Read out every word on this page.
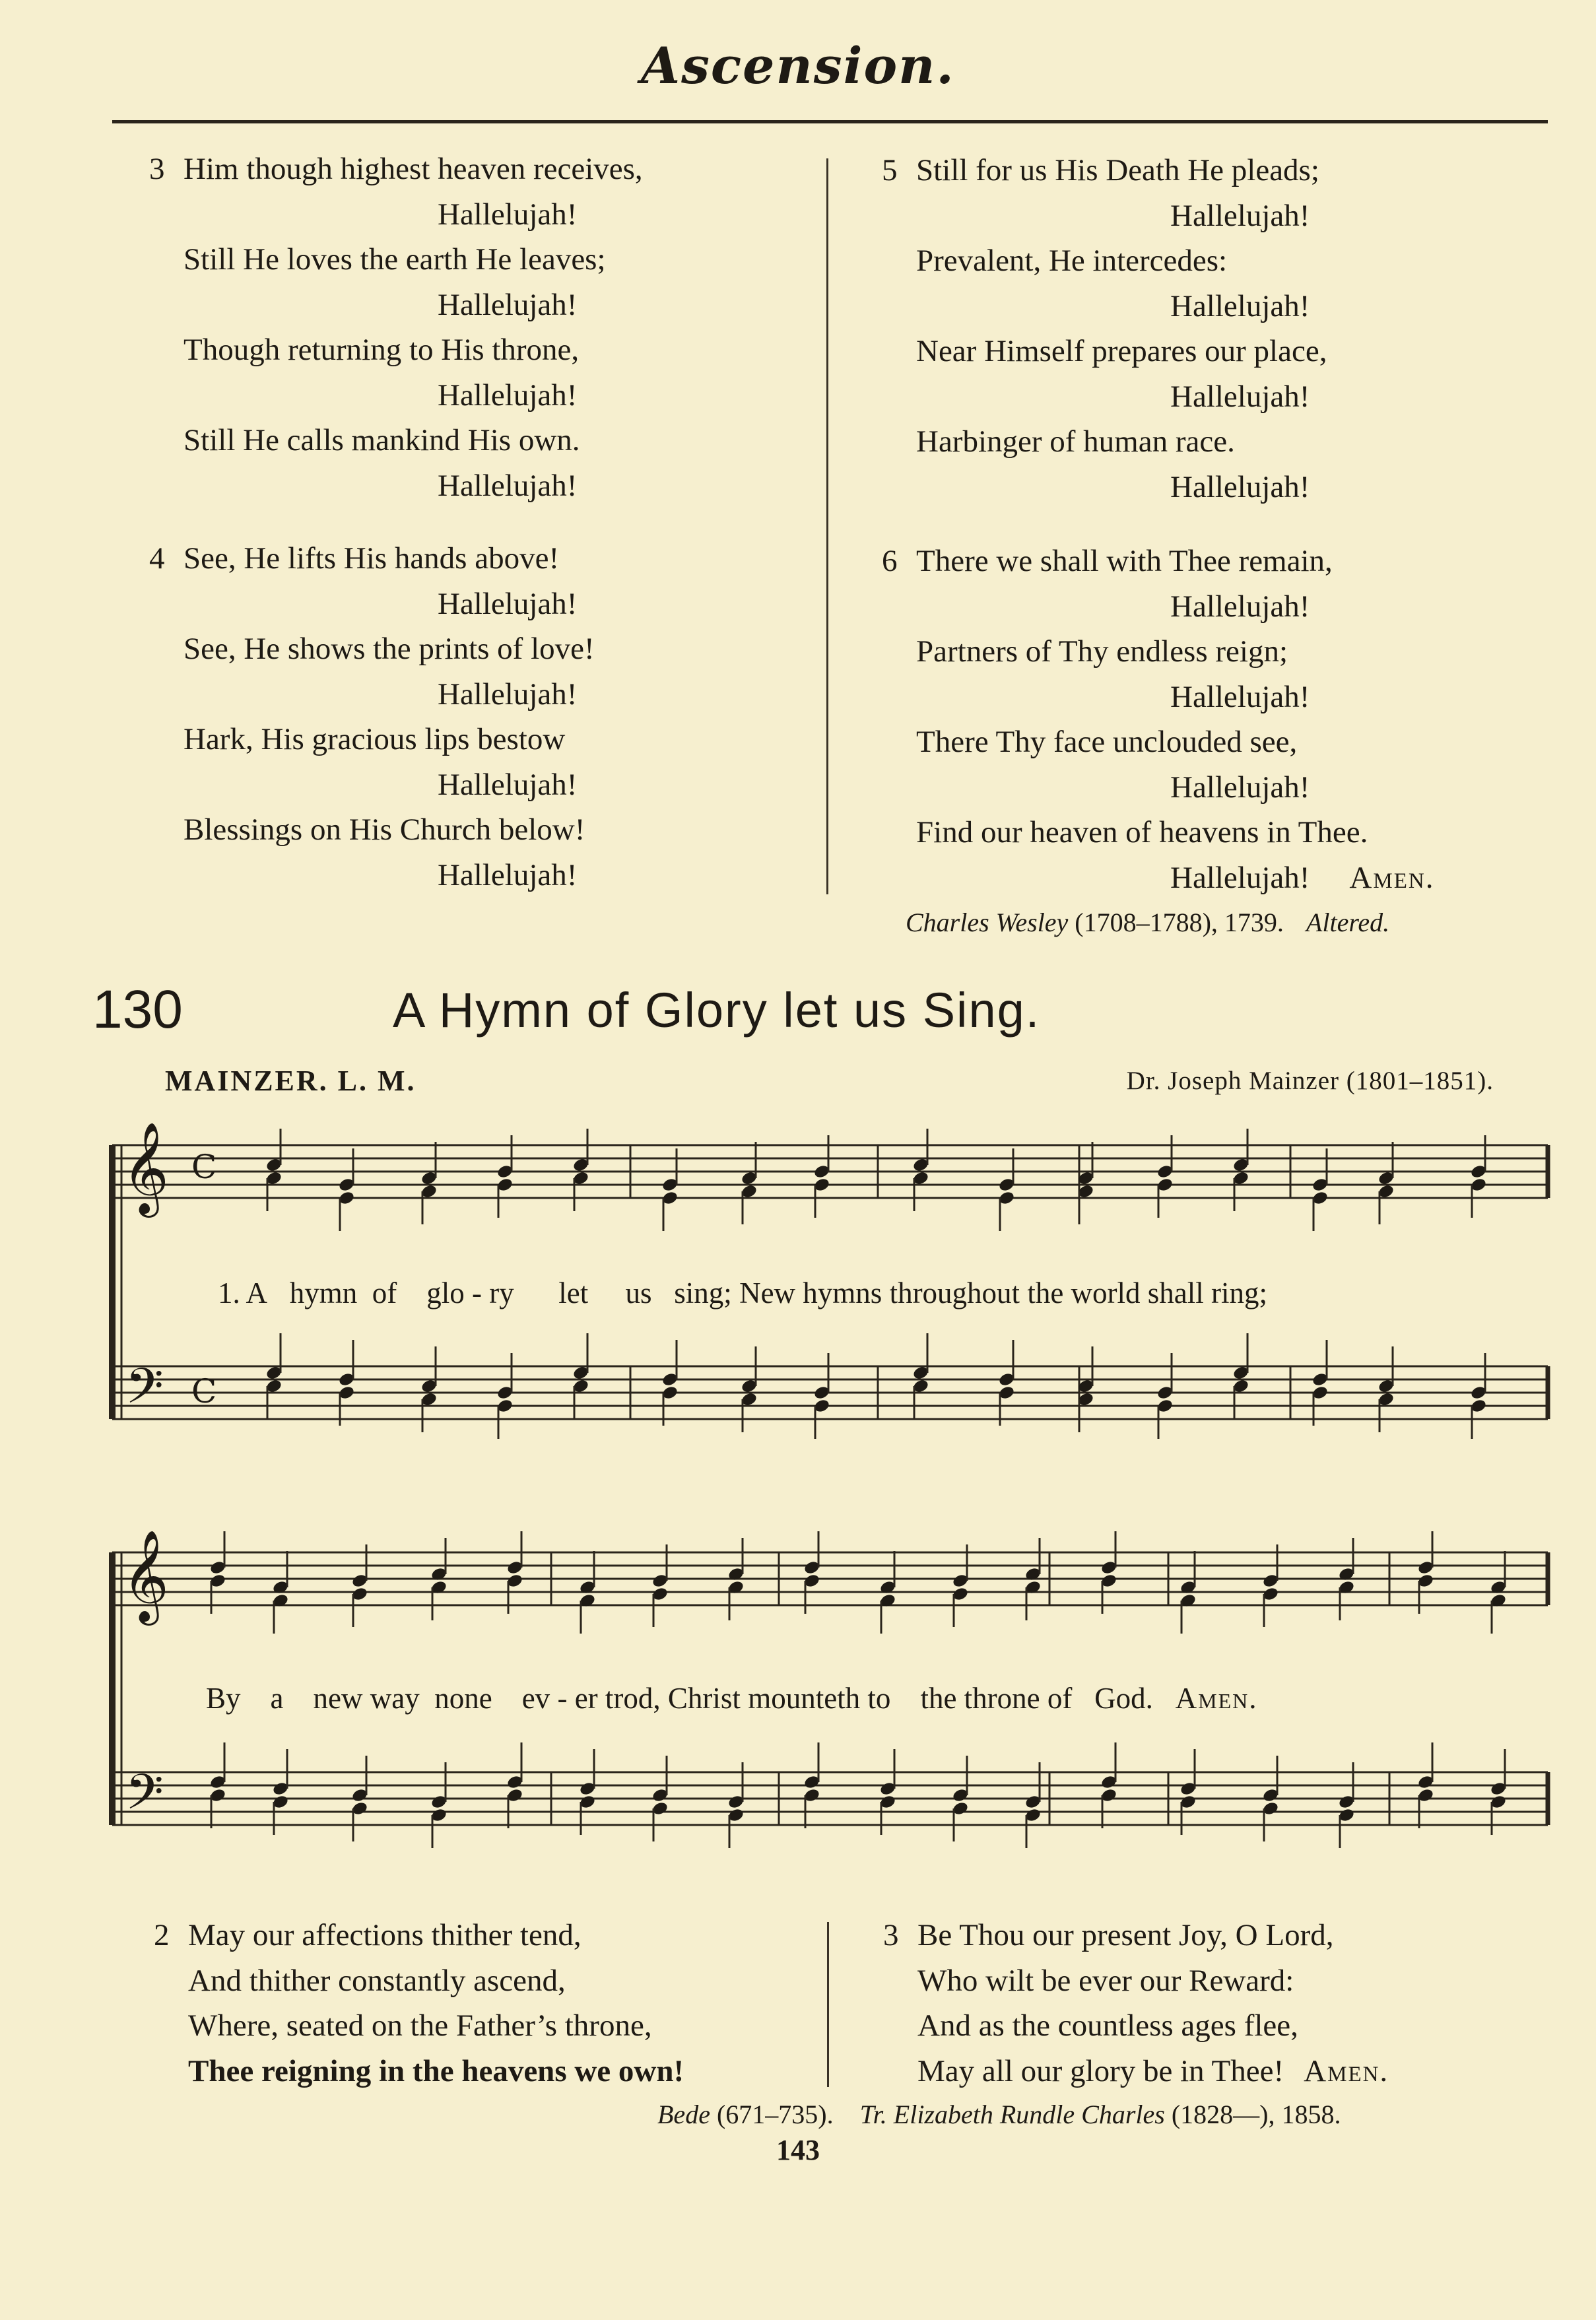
Ascension.
3 Him though highest heaven receives,
Hallelujah!
Still He loves the earth He leaves;
Hallelujah!
Though returning to His throne,
Hallelujah!
Still He calls mankind His own.
Hallelujah!
4 See, He lifts His hands above!
Hallelujah!
See, He shows the prints of love!
Hallelujah!
Hark, His gracious lips bestow
Hallelujah!
Blessings on His Church below!
Hallelujah!
5 Still for us His Death He pleads;
Hallelujah!
Prevalent, He intercedes:
Hallelujah!
Near Himself prepares our place,
Hallelujah!
Harbinger of human race.
Hallelujah!
6 There we shall with Thee remain,
Hallelujah!
Partners of Thy endless reign;
Hallelujah!
There Thy face unclouded see,
Hallelujah!
Find our heaven of heavens in Thee.
Hallelujah! Amen.
Charles Wesley (1708–1788), 1739. Altered.
130	A Hymn of Glory let us Sing.
MAINZER. L. M.	Dr. Joseph Mainzer (1801–1851).
𝄞
𝄢
𝄞
𝄢
C
C
1. A hymn of glo - ry let us sing; New hymns throughout the world shall ring;
By a new way none ev - er trod, Christ mounteth to the throne of God. Amen.
2 May our affections thither tend,
And thither constantly ascend,
Where, seated on the Father’s throne,
Thee reigning in the heavens we own!
3 Be Thou our present Joy, O Lord,
Who wilt be ever our Reward:
And as the countless ages flee,
May all our glory be in Thee! Amen.
Bede (671–735). Tr. Elizabeth Rundle Charles (1828—), 1858.
143
